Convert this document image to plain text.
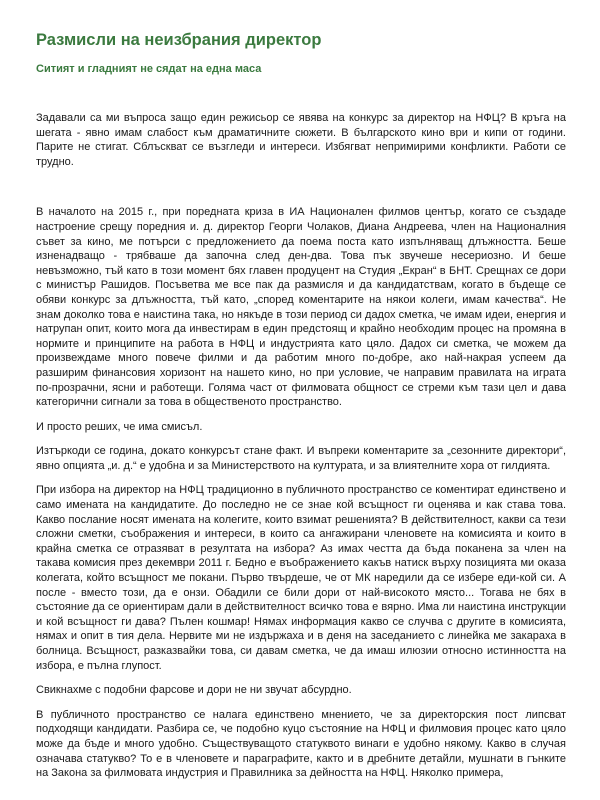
Размисли на неизбрания директор
Ситият и гладният не сядат на една маса

Задавали са ми въпроса защо един режисьор се явява на конкурс за директор на НФЦ? В кръга на шегата - явно имам слабост към драматичните сюжети. В българското кино ври и кипи от години. Парите не стигат. Сблъскват се възгледи и интереси. Избягват непримирими конфликти. Работи се трудно.

В началото на 2015 г., при поредната криза в ИА Национален филмов център, когато се създаде настроение срещу поредния и. д. директор Георги Чолаков, Диана Андреева, член на Националния съвет за кино, ме потърси с предложението да поема поста като изпълняващ длъжността. Беше изненадващо - трябваше да започна след ден-два. Това пък звучеше несериозно. И беше невъзможно, тъй като в този момент бях главен продуцент на Студия „Екран“ в БНТ. Срещнах се дори с министър Рашидов. Посъветва ме все пак да размисля и да кандидатствам, когато в бъдеще се обяви конкурс за длъжността, тъй като, „според коментарите на някои колеги, имам качества“. Не знам доколко това е наистина така, но някъде в този период си дадох сметка, че имам идеи, енергия и натрупан опит, които мога да инвестирам в един предстоящ и крайно необходим процес на промяна в нормите и принципите на работа в НФЦ и индустрията като цяло. Дадох си сметка, че можем да произвеждаме много повече филми и да работим много по-добре, ако най-накрая успеем да разширим финансовия хоризонт на нашето кино, но при условие, че направим правилата на играта по-прозрачни, ясни и работещи. Голяма част от филмовата общност се стреми към тази цел и дава категорични сигнали за това в общественото пространство.

И просто реших, че има смисъл.

Изтъркоди се година, докато конкурсът стане факт. И въпреки коментарите за „сезонните директори“, явно опцията „и. д.“ е удобна и за Министерството на културата, и за влиятелните хора от гилдията.

При избора на директор на НФЦ традиционно в публичното пространство се коментират единствено и само имената на кандидатите. До последно не се знае кой всъщност ги оценява и как става това. Какво послание носят имената на колегите, които взимат решенията? В действителност, какви са тези сложни сметки, съображения и интереси, в които са ангажирани членовете на комисията и които в крайна сметка се отразяват в резултата на избора? Аз имах честта да бъда поканена за член на такава комисия през декември 2011 г. Бедно е въображението какъв натиск върху позицията ми оказа колегата, който всъщност ме покани. Първо твърдеше, че от МК наредили да се избере еди-кой си. А после - вместо този, да е онзи. Обадили се били дори от най-високото място... Тогава не бях в състояние да се ориентирам дали в действителност всичко това е вярно. Има ли наистина инструкции и кой всъщност ги дава? Пълен кошмар! Нямах информация какво се случва с другите в комисията, нямах и опит в тия дела. Нервите ми не издържаха и в деня на заседанието с линейка ме закараха в болница. Всъщност, разказвайки това, си давам сметка, че да имаш илюзии относно истинността на избора, е пълна глупост.

Свикнахме с подобни фарсове и дори не ни звучат абсурдно.

В публичното пространство се налага единствено мнението, че за директорския пост липсват подходящи кандидати. Разбира се, че подобно куцо състояние на НФЦ и филмовия процес като цяло може да бъде и много удобно. Съществуващото статуквото винаги е удобно някому. Какво в случая означава статукво? То е в членовете и параграфите, както и в дребните детайли, мушнати в гънките на Закона за филмовата индустрия и Правилника за дейността на НФЦ. Няколко примера,
